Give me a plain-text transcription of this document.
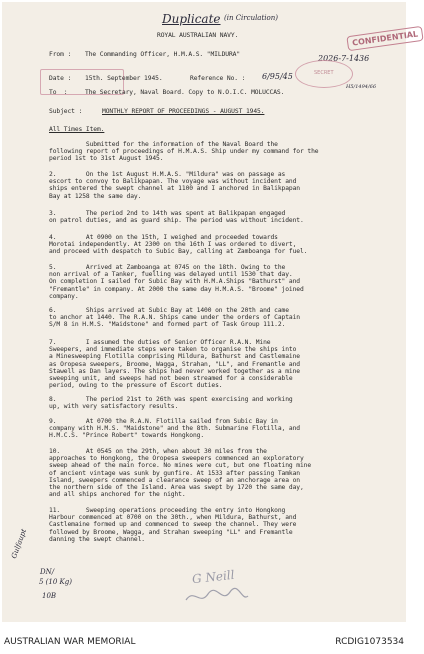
Duplicate (in Circulation)
2026-7-1436
H5/1494/66
CONFIDENTIAL
SECRET
ROYAL AUSTRALIAN NAVY.
From : The Commanding Officer, H.M.A.S. "MILDURA"
Date : 15th. September 1945.	Reference No. : 6/95/45
To  :	The Secretary, Naval Board. Copy to N.O.I.C. MOLUCCAS.
Subject :	MONTHLY REPORT OF PROCEEDINGS - AUGUST 1945.
All Times Item.
Submitted for the information of the Naval Board the
following report of proceedings of H.M.A.S. Ship under my command for the
period 1st to 31st August 1945.
2.        On the 1st August H.M.A.S. "Mildura" was on passage as
escort to convoy to Balikpapan. The voyage was without incident and
ships entered the swept channel at 1100 and I anchored in Balikpapan
Bay at 1258 the same day.
3.        The period 2nd to 14th was spent at Balikpapan engaged
on patrol duties, and as guard ship. The period was without incident.
4.        At 0900 on the 15th, I weighed and proceeded towards
Morotai independently. At 2300 on the 16th I was ordered to divert,
and proceed with despatch to Subic Bay, calling at Zamboanga for fuel.
5.        Arrived at Zamboanga at 0745 on the 18th. Owing to the
non arrival of a Tanker, fuelling was delayed until 1530 that day.
On completion I sailed for Subic Bay with H.M.A.Ships "Bathurst" and
"Fremantle" in company. At 2000 the same day H.M.A.S. "Broome" joined
company.
6.        Ships arrived at Subic Bay at 1400 on the 20th and came
to anchor at 1440. The R.A.N. Ships came under the orders of Captain
S/M 8 in H.M.S. "Maidstone" and formed part of Task Group 111.2.
7.        I assumed the duties of Senior Officer R.A.N. Mine
Sweepers, and immediate steps were taken to organise the ships into
a Minesweeping Flotilla comprising Mildura, Bathurst and Castlemaine
as Oropesa sweepers, Broome, Wagga, Strahan, "LL", and Fremantle and
Stawell as Dan layers. The ships had never worked together as a mine
sweeping unit, and sweeps had not been streamed for a considerable
period, owing to the pressure of Escort duties.
8.        The period 21st to 26th was spent exercising and working
up, with very satisfactory results.
9.        At 0700 the R.A.N. Flotilla sailed from Subic Bay in
company with H.M.S. "Maidstone" and the 8th. Submarine Flotilla, and
H.M.C.S. "Prince Robert" towards Hongkong.
10.       At 0545 on the 29th, when about 30 miles from the
approaches to Hongkong, the Oropesa sweepers commenced an exploratory
sweep ahead of the main force. No mines were cut, but one floating mine
of ancient vintage was sunk by gunfire. At 1533 after passing Tamkan
Island, sweepers commenced a clearance sweep of an anchorage area on
the northern side of the Island. Area was swept by 1720 the same day,
and all ships anchored for the night.
11.       Sweeping operations proceeding the entry into Hongkong
Harbour commenced at 0700 on the 30th., when Mildura, Bathurst, and
Castlemaine formed up and commenced to sweep the channel. They were
followed by Broome, Wagga, and Strahan sweeping "LL" and Fremantle
danning the swept channel.
Gulfaupt
DN/
5 (10 Kg)
10B
G Neill
AUSTRALIAN WAR MEMORIAL	RCDIG1073534
